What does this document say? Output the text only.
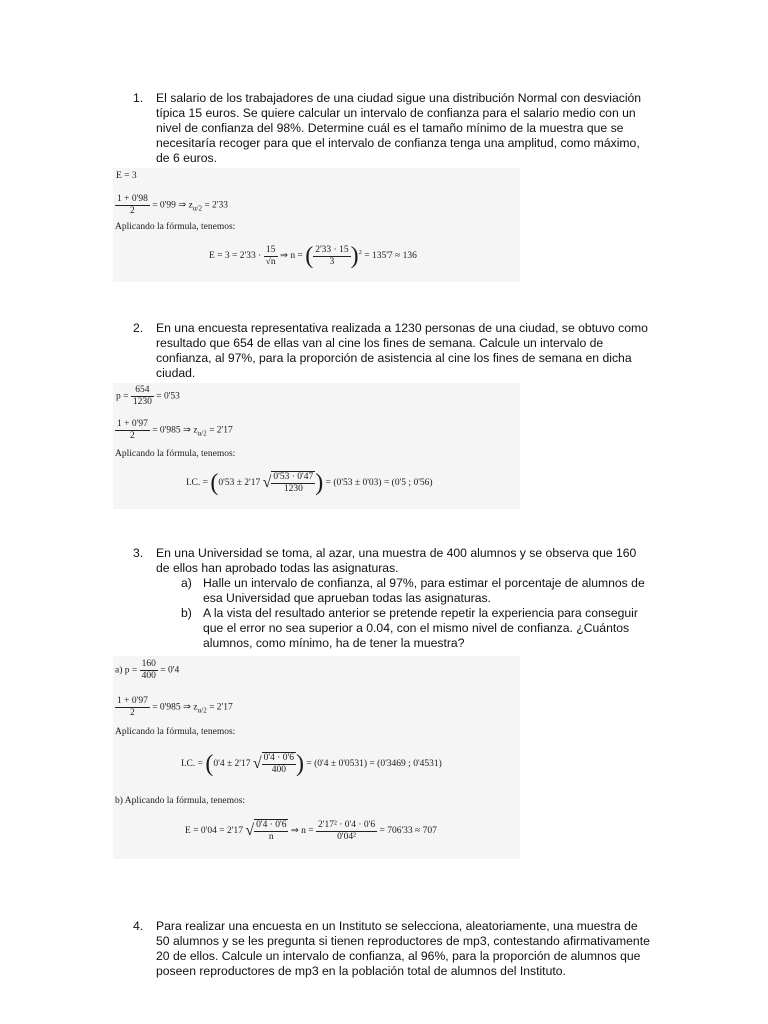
1. El salario de los trabajadores de una ciudad sigue una distribución Normal con desviación típica 15 euros. Se quiere calcular un intervalo de confianza para el salario medio con un nivel de confianza del 98%. Determine cuál es el tamaño mínimo de la muestra que se necesitaría recoger para que el intervalo de confianza tenga una amplitud, como máximo, de 6 euros.
E = 3
$\frac{1 + 0'98}{2} = 0'99$ ⇒ $z_{\alpha/2} = 2'33$
Aplicando la fórmula, tenemos:
$E = 3 = 2'33 \cdot \frac{15}{√n}$ ⇒ n = ( $\frac{2'33 \cdot 15}{3} )^2 = 135'7 \approx 136$
2. En una encuesta representativa realizada a 1230 personas de una ciudad, se obtuvo como resultado que 654 de ellas van al cine los fines de semana. Calcule un intervalo de confianza, al 97%, para la proporción de asistencia al cine los fines de semana en dicha ciudad.
$p = \frac{654}{1230} = 0'53$
$\frac{1 + 0'97}{2} = 0'985$ ⇒ $z_{\alpha/2} = 2'17$
Aplicando la fórmula, tenemos:
I.C. = (0'53 ± 2'17 √ $\frac{0'53 \cdot 0'47}{1230}$ ) = (0'53 ± 0'03) = (0'5 ; 0'56)
3. En una Universidad se toma, al azar, una muestra de 400 alumnos y se observa que 160 de ellos han aprobado todas las asignaturas.
a) Halle un intervalo de confianza, al 97%, para estimar el porcentaje de alumnos de esa Universidad que aprueban todas las asignaturas.
b) A la vista del resultado anterior se pretende repetir la experiencia para conseguir que el error no sea superior a 0.04, con el mismo nivel de confianza. ¿Cuántos alumnos, como mínimo, ha de tener la muestra?
a) $p = \frac{160}{400} = 0'4$
$\frac{1 + 0'97}{2} = 0'985$ ⇒ $z_{\alpha/2} = 2'17$
Aplicando la fórmula, tenemos:
I.C. = (0'4 ± 2'17 √ $\frac{0'4 \cdot 0'6}{400}$ ) = (0'4 ± 0'0531) = (0'3469 ; 0'4531)
b) Aplicando la fórmula, tenemos:
E = 0'04 = 2'17 √ $\frac{0'4 \cdot 0'6}{n}$ ⇒ $n = \frac{\text{2'17² · 0'4 · 0'6}}{\text{0'04²}} = 706'33 \approx 707$
4. Para realizar una encuesta en un Instituto se selecciona, aleatoriamente, una muestra de 50 alumnos y se les pregunta si tienen reproductores de mp3, contestando afirmativamente 20 de ellos. Calcule un intervalo de confianza, al 96%, para la proporción de alumnos que poseen reproductores de mp3 en la población total de alumnos del Instituto.
